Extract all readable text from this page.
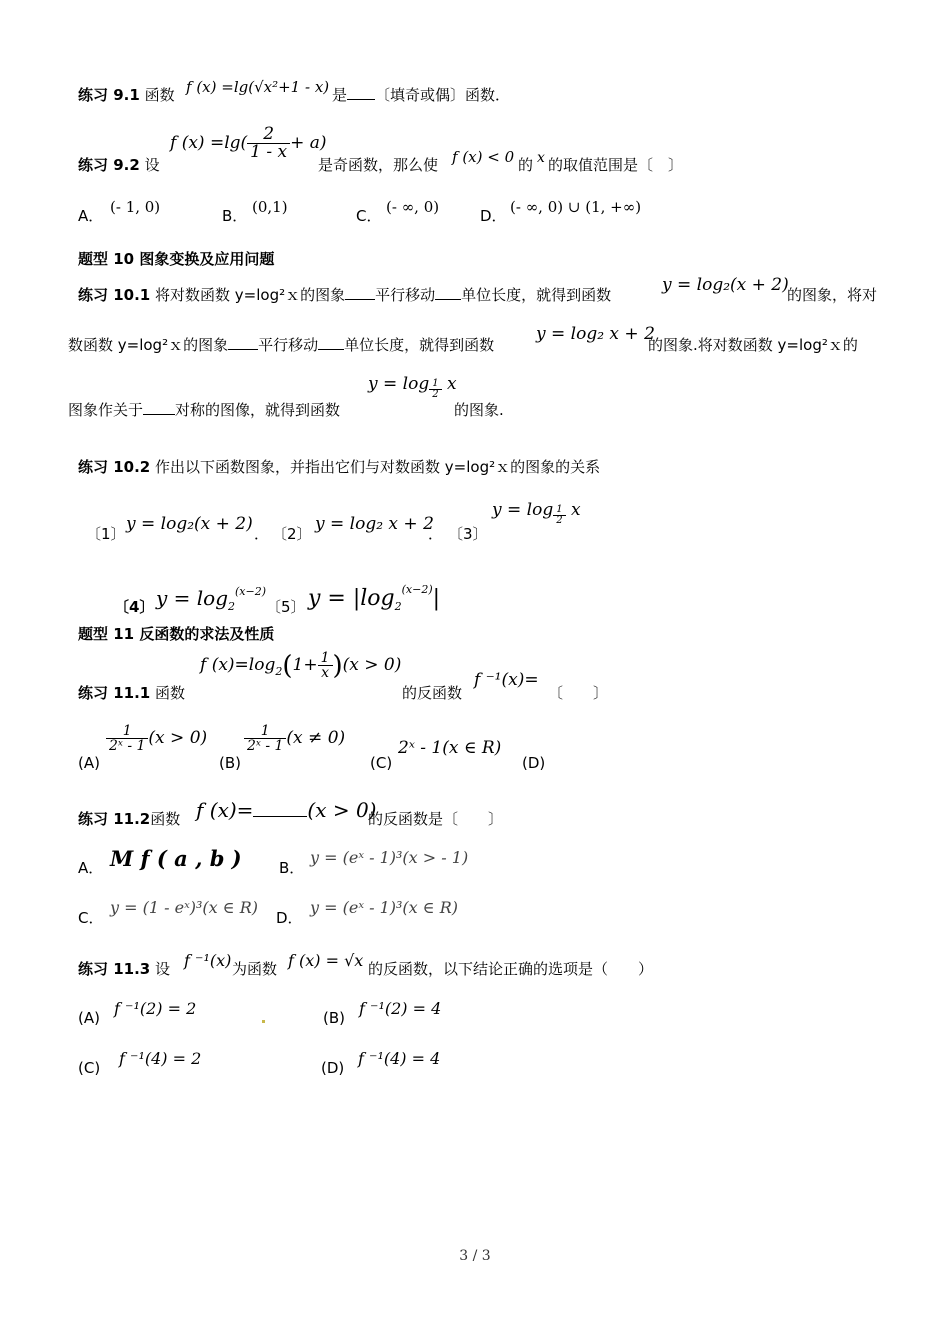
练习 9.1 函数 f (x) =lg(√x²+1 - x) 是 〔填奇或偶〕函数．
练习 9.2 设
f $(x) =\lg( \frac{2}{1 - x} + a)$
是奇函数，那么使 f (x) < 0 的 x 的取值范围是〔　〕
A． (- 1, 0)	B． (0,1)	C． (- ∞, 0)	D． (- ∞, 0) ∪ (1, +∞)
题型 10 图象变换及应用问题
练习 10.1 将对数函数 y=log²ｘ的图象 平行移动 单位长度，就得到函数	y = log₂(x + 2)
的图象，将对
数函数 y=log²ｘ的图象 平行移动 单位长度，就得到函数
y = log₂ x + 2
的图象.将对数函数 y=log²ｘ的
$y = \log \frac{1}{2}$ x
图象作关于 对称的图像，就得到函数	的图象.
练习 10.2 作出以下函数图象，并指出它们与对数函数 y=log²ｘ的图象的关系
〔1〕 y = log₂(x + 2) ． 〔2〕 y = log₂ x + 2
． 〔3〕
$y = \log \frac{1}{2}$ x
〔4〕 $y = \log_2^{(x-2)}$
〔5〕 $y = |\log_2^{(x-2)}|$
题型 11 反函数的求法及性质
练习 11.1 函数
f $(x)=\log_2(1+ \frac{1}{x} )(x > 0)$
的反函数
f ⁻¹(x)=
〔　　〕
(A)
$\frac{1}{\text{2ˣ - 1}} (x > 0)$
(B)
$\frac{1}{\text{2ˣ - 1}} (x \ne 0)$
(C)
2ˣ - 1(x ∈ R)
(D)
练习 11.2函数 f (x)=	(x > 0)
的反函数是〔　　〕
A． M f ( a , b ) B．
y = (eˣ - 1)³(x > - 1)
C．
y = (1 - eˣ)³(x ∈ R)
D．
y = (eˣ - 1)³(x ∈ R)
练习 11.3 设 f ⁻¹(x) 为函数 f (x) = √x 的反函数，以下结论正确的选项是（　　）
(A) f ⁻¹(2) = 2	(B) f ⁻¹(2) = 4
(C) f ⁻¹(4) = 2	(D) f ⁻¹(4) = 4
3 / 3
